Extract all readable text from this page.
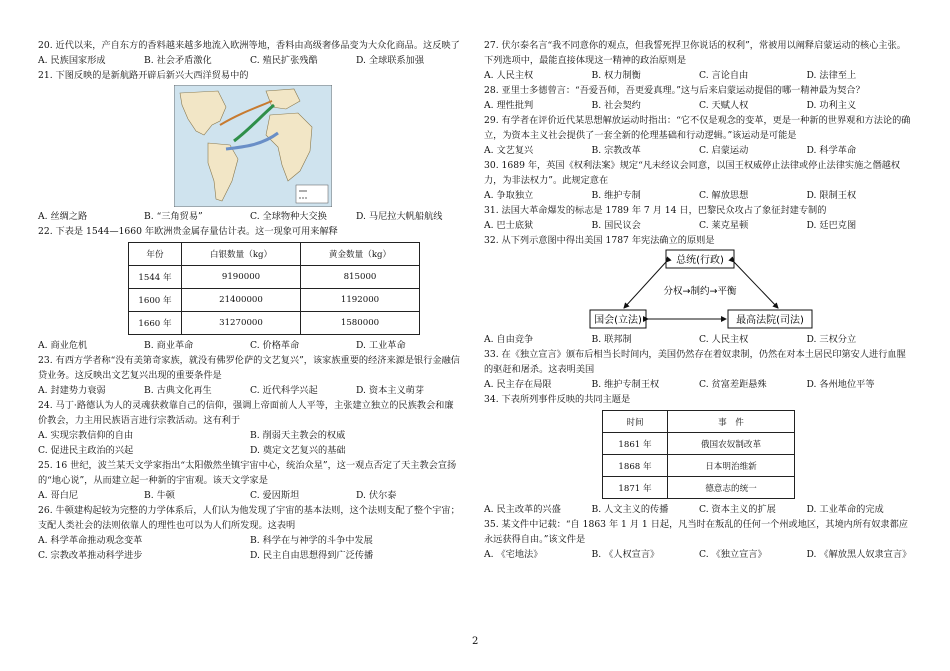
20. 近代以来，产自东方的香料越来越多地流入欧洲等地，香料由高级奢侈品变为大众化商品。这反映了

A. 民族国家形成	B. 社会矛盾激化	C. 殖民扩张残酷	D. 全球联系加强

21. 下图反映的是新航路开辟后新兴大西洋贸易中的

A. 丝绸之路	B. “三角贸易”	C. 全球物种大交换	D. 马尼拉大帆船航线

22. 下表是 1544—1660 年欧洲贵金属存量估计表。这一现象可用来解释

年份	白银数量（kg）	黄金数量（kg）
1544 年	9190000	815000
1600 年	21400000	1192000
1660 年	31270000	1580000
A. 商业危机	B. 商业革命	C. 价格革命	D. 工业革命

23. 有西方学者称“没有美第奇家族，就没有佛罗伦萨的文艺复兴”，该家族重要的经济来源是银行金融信贷业务。这反映出文艺复兴出现的重要条件是

A. 封建势力衰弱	B. 古典文化再生	C. 近代科学兴起	D. 资本主义萌芽

24. 马丁·路德认为人的灵魂获救靠自己的信仰，强调上帝面前人人平等，主张建立独立的民族教会和廉价教会，力主用民族语言进行宗教活动。这有利于

A. 实现宗教信仰的自由	B. 削弱天主教会的权威
C. 促进民主政治的兴起	D. 奠定文艺复兴的基础

25. 16 世纪，波兰某天文学家指出“太阳傲然坐镇宇宙中心，统治众星”，这一观点否定了天主教会宣扬的“地心说”，从而建立起一种新的宇宙观。该天文学家是

A. 哥白尼	B. 牛顿	C. 爱因斯坦	D. 伏尔泰

26. 牛顿建构起较为完整的力学体系后，人们认为他发现了宇宙的基本法则，这个法则支配了整个宇宙；支配人类社会的法则依靠人的理性也可以为人们所发现。这表明

A. 科学革命推动观念变革	B. 科学在与神学的斗争中发展
C. 宗教改革推动科学进步	D. 民主自由思想得到广泛传播

27. 伏尔泰名言“我不同意你的观点，但我誓死捍卫你说话的权利”，常被用以阐释启蒙运动的核心主张。下列选项中，最能直接体现这一精神的政治原则是

A. 人民主权	B. 权力制衡	C. 言论自由	D. 法律至上

28. 亚里士多德曾言：“吾爱吾师，吾更爱真理。”这与后来启蒙运动提倡的哪一精神最为契合？

A. 理性批判	B. 社会契约	C. 天赋人权	D. 功利主义

29. 有学者在评价近代某思想解放运动时指出：“它不仅是观念的变革，更是一种新的世界观和方法论的确立，为资本主义社会提供了一套全新的伦理基础和行动逻辑。”该运动是可能是

A. 文艺复兴	B. 宗教改革	C. 启蒙运动	D. 科学革命

30. 1689 年，英国《权利法案》规定“凡未经议会同意，以国王权威停止法律或停止法律实施之僭越权力，为非法权力”。此规定意在

A. 争取独立	B. 维护专制	C. 解放思想	D. 限制王权

31. 法国大革命爆发的标志是 1789 年 7 月 14 日，巴黎民众攻占了象征封建专制的

A. 巴士底狱	B. 国民议会	C. 莱克星顿	D. 廷巴克图

32. 从下列示意图中得出美国 1787 年宪法确立的原则是

总统(行政)
国会(立法)	最高法院(司法)
分权→制约→平衡
A. 自由竞争	B. 联邦制	C. 人民主权	D. 三权分立

33. 在《独立宣言》颁布后相当长时间内，美国仍然存在着奴隶制，仍然在对本土居民印第安人进行血腥的驱赶和屠杀。这表明美国

A. 民主存在局限	B. 维护专制王权	C. 贫富差距悬殊	D. 各州地位平等

34. 下表所列事件反映的共同主题是

时间	事　件
1861 年	俄国农奴制改革
1868 年	日本明治维新
1871 年	德意志的统一
A. 民主改革的兴盛	B. 人文主义的传播	C. 资本主义的扩展	D. 工业革命的完成

35. 某文件中记载：“自 1863 年 1 月 1 日起，凡当时在叛乱的任何一个州或地区，其境内所有奴隶都应永远获得自由。”该文件是

A. 《宅地法》	B. 《人权宣言》	C. 《独立宣言》	D. 《解放黑人奴隶宣言》
2
